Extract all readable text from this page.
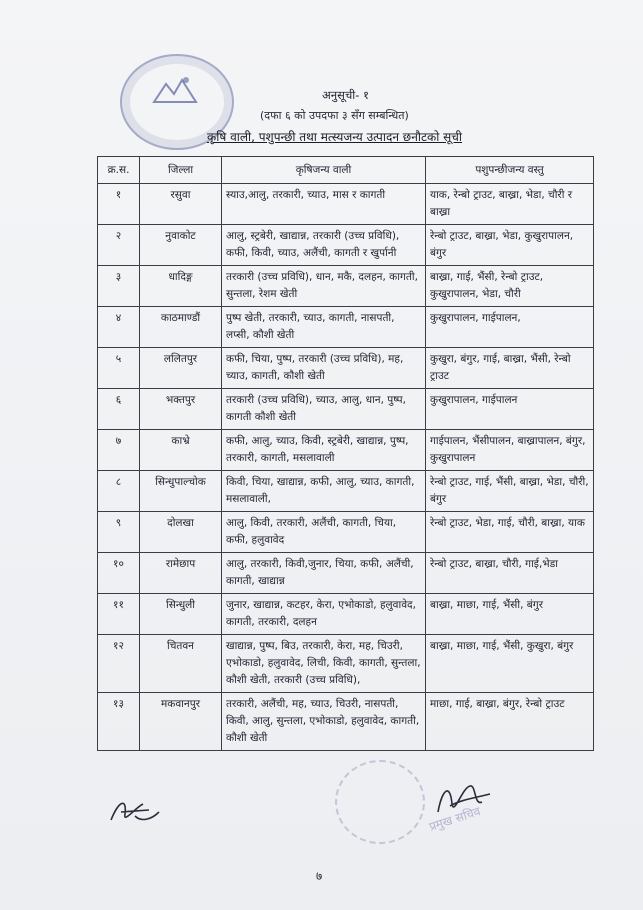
अनुसूची- १
(दफा ६ को उपदफा ३ सँग सम्बन्धित)
कृषि वाली, पशुपन्छी तथा मत्स्यजन्य उत्पादन छनौटको सूची
क्र.स.	जिल्ला	कृषिजन्य वाली	पशुपन्छीजन्य वस्तु
१	रसुवा	स्याउ,आलु, तरकारी, च्याउ, मास र कागती	याक, रेन्बो ट्राउट, बाख्रा, भेडा, चौरी र बाख्रा
२	नुवाकोट	आलु, स्ट्रबेरी, खाद्यान्न, तरकारी (उच्च प्रविधि), कफी, किवी, च्याउ, अलैंची, कागती र खुर्पानी	रेन्बो ट्राउट, बाख्रा, भेडा, कुखुरापालन, बंगुर
३	धादिङ्ग	तरकारी (उच्च प्रविधि), धान, मकै, दलहन, कागती, सुन्तला, रेशम खेती	बाख्रा, गाई, भैंसी, रेन्बो ट्राउट, कुखुरापालन, भेडा, चौरी
४	काठमाण्डौं	पुष्प खेती, तरकारी, च्याउ, कागती, नासपती, लप्सी, कौशी खेती	कुखुरापालन, गाईपालन,
५	ललितपुर	कफी, चिया, पुष्प, तरकारी (उच्च प्रविधि), मह, च्याउ, कागती, कौशी खेती	कुखुरा, बंगुर, गाई, बाख्रा, भैंसी, रेन्बो ट्राउट
६	भक्तपुर	तरकारी (उच्च प्रविधि), च्याउ, आलु, धान, पुष्प, कागती कौशी खेती	कुखुरापालन, गाईपालन
७	काभ्रे	कफी, आलु, च्याउ, किवी, स्ट्रबेरी, खाद्यान्न, पुष्प, तरकारी, कागती, मसलावाली	गाईपालन, भैंसीपालन, बाख्रापालन, बंगुर, कुखुरापालन
८	सिन्धुपाल्चोक	किवी, चिया, खाद्यान्न, कफी, आलु, च्याउ, कागती, मसलावाली,	रेन्बो ट्राउट, गाई, भैंसी, बाख्रा, भेडा, चौरी, बंगुर
९	दोलखा	आलु, किवी, तरकारी, अलैंची, कागती, चिया, कफी, हलुवावेद	रेन्बो ट्राउट, भेडा, गाई, चौरी, बाख्रा, याक
१०	रामेछाप	आलु, तरकारी, किवी,जुनार, चिया, कफी, अलैंची, कागती, खाद्यान्न	रेन्बो ट्राउट, बाख्रा, चौरी, गाई,भेडा
११	सिन्धुली	जुनार, खाद्यान्न, कटहर, केरा, एभोकाडो, हलुवावेद, कागती, तरकारी, दलहन	बाख्रा, माछा, गाई, भैंसी, बंगुर
१२	चितवन	खाद्यान्न, पुष्प, बिउ, तरकारी, केरा, मह, चिउरी, एभोकाडो, हलुवावेद, लिची, किवी, कागती, सुन्तला, कौशी खेती, तरकारी (उच्च प्रविधि),	बाख्रा, माछा, गाई, भैंसी, कुखुरा, बंगुर
१३	मकवानपुर	तरकारी, अलैंची, मह, च्याउ, चिउरी, नासपती, किवी, आलु, सुन्तला, एभोकाडो, हलुवावेद, कागती, कौशी खेती	माछा, गाई, बाख्रा, बंगुर, रेन्बो ट्राउट
प्रमुख सचिव
७
